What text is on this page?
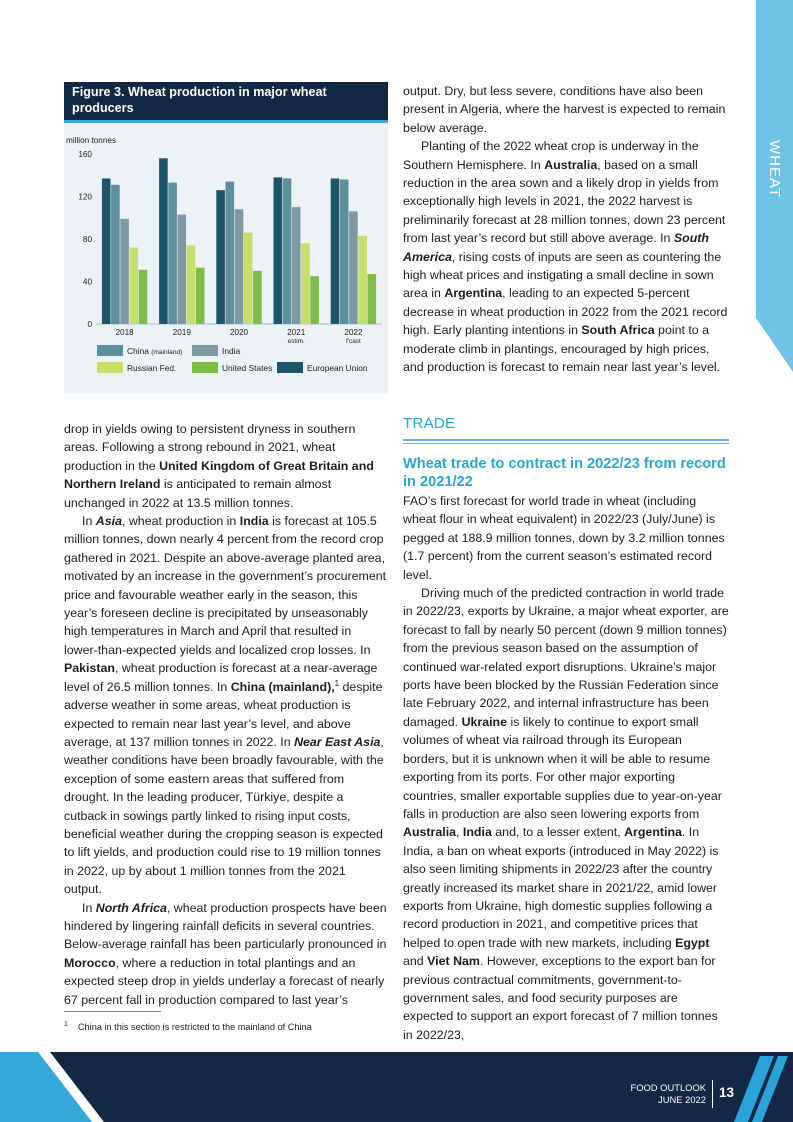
Figure 3. Wheat production in major wheat producers
million tonnes
0
40
80
120
160
2018	2019	2020	2021
estim.
2022
f'cast
China (mainland)	India
Russian Fed.	United States	European Union

drop in yields owing to persistent dryness in southern areas. Following a strong rebound in 2021, wheat production in the United Kingdom of Great Britain and Northern Ireland is anticipated to remain almost unchanged in 2022 at 13.5 million tonnes.

In Asia, wheat production in India is forecast at 105.5 million tonnes, down nearly 4 percent from the record crop gathered in 2021. Despite an above-average planted area, motivated by an increase in the government’s procurement price and favourable weather early in the season, this year’s foreseen decline is precipitated by unseasonably high temperatures in March and April that resulted in lower-than-expected yields and localized crop losses. In Pakistan, wheat production is forecast at a near-average level of 26.5 million tonnes. In China (mainland),$^1$ despite adverse weather in some areas, wheat production is expected to remain near last year’s level, and above average, at 137 million tonnes in 2022. In Near East Asia, weather conditions have been broadly favourable, with the exception of some eastern areas that suffered from drought. In the leading producer, Türkiye, despite a cutback in sowings partly linked to rising input costs, beneficial weather during the cropping season is expected to lift yields, and production could rise to 19 million tonnes in 2022, up by about 1 million tonnes from the 2021 output.

In North Africa, wheat production prospects have been hindered by lingering rainfall deficits in several countries. Below-average rainfall has been particularly pronounced in Morocco, where a reduction in total plantings and an expected steep drop in yields underlay a forecast of nearly 67 percent fall in production compared to last year’s

output. Dry, but less severe, conditions have also been present in Algeria, where the harvest is expected to remain below average.

Planting of the 2022 wheat crop is underway in the Southern Hemisphere. In Australia, based on a small reduction in the area sown and a likely drop in yields from exceptionally high levels in 2021, the 2022 harvest is preliminarily forecast at 28 million tonnes, down 23 percent from last year’s record but still above average. In South America, rising costs of inputs are seen as countering the high wheat prices and instigating a small decline in sown area in Argentina, leading to an expected 5-percent decrease in wheat production in 2022 from the 2021 record high. Early planting intentions in South Africa point to a moderate climb in plantings, encouraged by high prices, and production is forecast to remain near last year’s level.

TRADE
Wheat trade to contract in 2022/23 from record in 2021/22

FAO’s first forecast for world trade in wheat (including wheat flour in wheat equivalent) in 2022/23 (July/June) is pegged at 188.9 million tonnes, down by 3.2 million tonnes (1.7 percent) from the current season’s estimated record level.

Driving much of the predicted contraction in world trade in 2022/23, exports by Ukraine, a major wheat exporter, are forecast to fall by nearly 50 percent (down 9 million tonnes) from the previous season based on the assumption of continued war-related export disruptions. Ukraine’s major ports have been blocked by the Russian Federation since late February 2022, and internal infrastructure has been damaged. Ukraine is likely to continue to export small volumes of wheat via railroad through its European borders, but it is unknown when it will be able to resume exporting from its ports. For other major exporting countries, smaller exportable supplies due to year-on-year falls in production are also seen lowering exports from Australia, India and, to a lesser extent, Argentina. In India, a ban on wheat exports (introduced in May 2022) is also seen limiting shipments in 2022/23 after the country greatly increased its market share in 2021/22, amid lower exports from Ukraine, high domestic supplies following a record production in 2021, and competitive prices that helped to open trade with new markets, including Egypt and Viet Nam. However, exceptions to the export ban for previous contractual commitments, government-to-government sales, and food security purposes are expected to support an export forecast of 7 million tonnes in 2022/23,

$^1$ China in this section is restricted to the mainland of China
WHEAT
FOOD OUTLOOK
JUNE 2022 13
